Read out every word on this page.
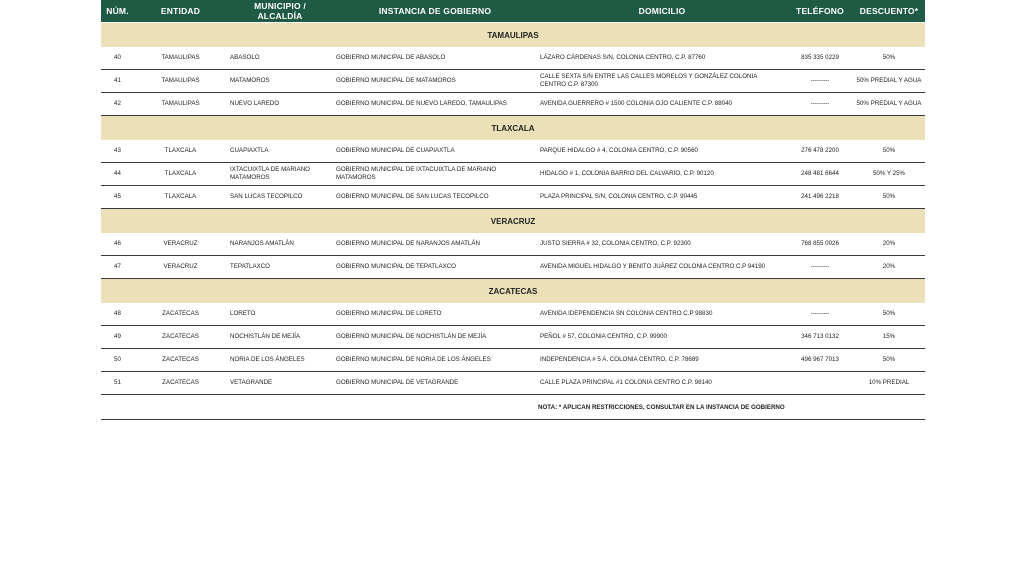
NÚM.	ENTIDAD	MUNICIPIO / ALCALDÍA	INSTANCIA DE GOBIERNO	DOMICILIO	TELÉFONO	DESCUENTO*
TAMAULIPAS						
40	TAMAULIPAS	ABASOLO	GOBIERNO MUNICIPAL DE ABASOLO	LÁZARO CÁRDENAS S/N, COLONIA CENTRO, C.P. 87760	835 335 0229	50%
41	TAMAULIPAS	MATAMOROS	GOBIERNO MUNICIPAL DE MATAMOROS	CALLE SEXTA S/N ENTRE LAS CALLES MORELOS Y GONZÁLEZ COLONIA CENTRO C.P. 87300	---------	50% PREDIAL Y AGUA
42	TAMAULIPAS	NUEVO LAREDO	GOBIERNO MUNICIPAL DE NUEVO LAREDO, TAMAULIPAS	AVENIDA GUERRERO # 1500 COLONIA OJO CALIENTE C.P. 88040	---------	50% PREDIAL Y AGUA
TLAXCALA						
43	TLAXCALA	CUAPIAXTLA	GOBIERNO MUNICIPAL DE CUAPIAXTLA	PARQUE HIDALGO # 4, COLONIA CENTRO, C.P. 90560	276 478 2200	50%
44	TLAXCALA	IXTACUIXTLA DE MARIANO MATAMOROS	GOBIERNO MUNICIPAL DE IXTACUIXTLA DE MARIANO MATAMOROS	HIDALGO # 1, COLONIA BARRIO DEL CALVARIO, C.P. 90120	248 481 6644	50% Y 25%
45	TLAXCALA	SAN LUCAS TECOPILCO	GOBIERNO MUNICIPAL DE SAN LUCAS TECOPILCO	PLAZA PRINCIPAL S/N, COLONIA CENTRO, C.P. 90445	241 496 2218	50%
VERACRUZ						
46	VERACRUZ	NARANJOS AMATLÁN	GOBIERNO MUNICIPAL DE NARANJOS AMATLÁN	JUSTO SIERRA # 32, COLONIA CENTRO, C.P. 92300	768 855 0026	20%
47	VERACRUZ	TEPATLAXCO	GOBIERNO MUNICIPAL DE TEPATLAXCO	AVENIDA MIGUEL HIDALGO Y BENITO JUÁREZ COLONIA CENTRO C.P 94190	---------	20%
ZACATECAS						
48	ZACATECAS	LORETO	GOBIERNO MUNICIPAL DE LORETO	AVENIDA IDEPENDENCIA SN COLONIA CENTRO C.P 98830	---------	50%
49	ZACATECAS	NOCHISTLÁN DE MEJÍA	GOBIERNO MUNICIPAL DE NOCHISTLÁN DE MEJÍA	PEÑOL # 57, COLONIA CENTRO, C.P. 99900	346 713 0132	15%
50	ZACATECAS	NORIA DE LOS ÁNGELES	GOBIERNO MUNICIPAL DE NORIA DE LOS ÁNGELES	INDEPENDENCIA # 5 A, COLONIA CENTRO, C.P. 78689	496 967 7013	50%
51	ZACATECAS	VETAGRANDE	GOBIERNO MUNICIPAL DE VETAGRANDE	CALLE PLAZA PRINCIPAL #1 COLONIA CENTRO C.P. 98140		10% PREDIAL
				NOTA: * APLICAN RESTRICCIONES, CONSULTAR EN LA INSTANCIA DE GOBIERNO		
